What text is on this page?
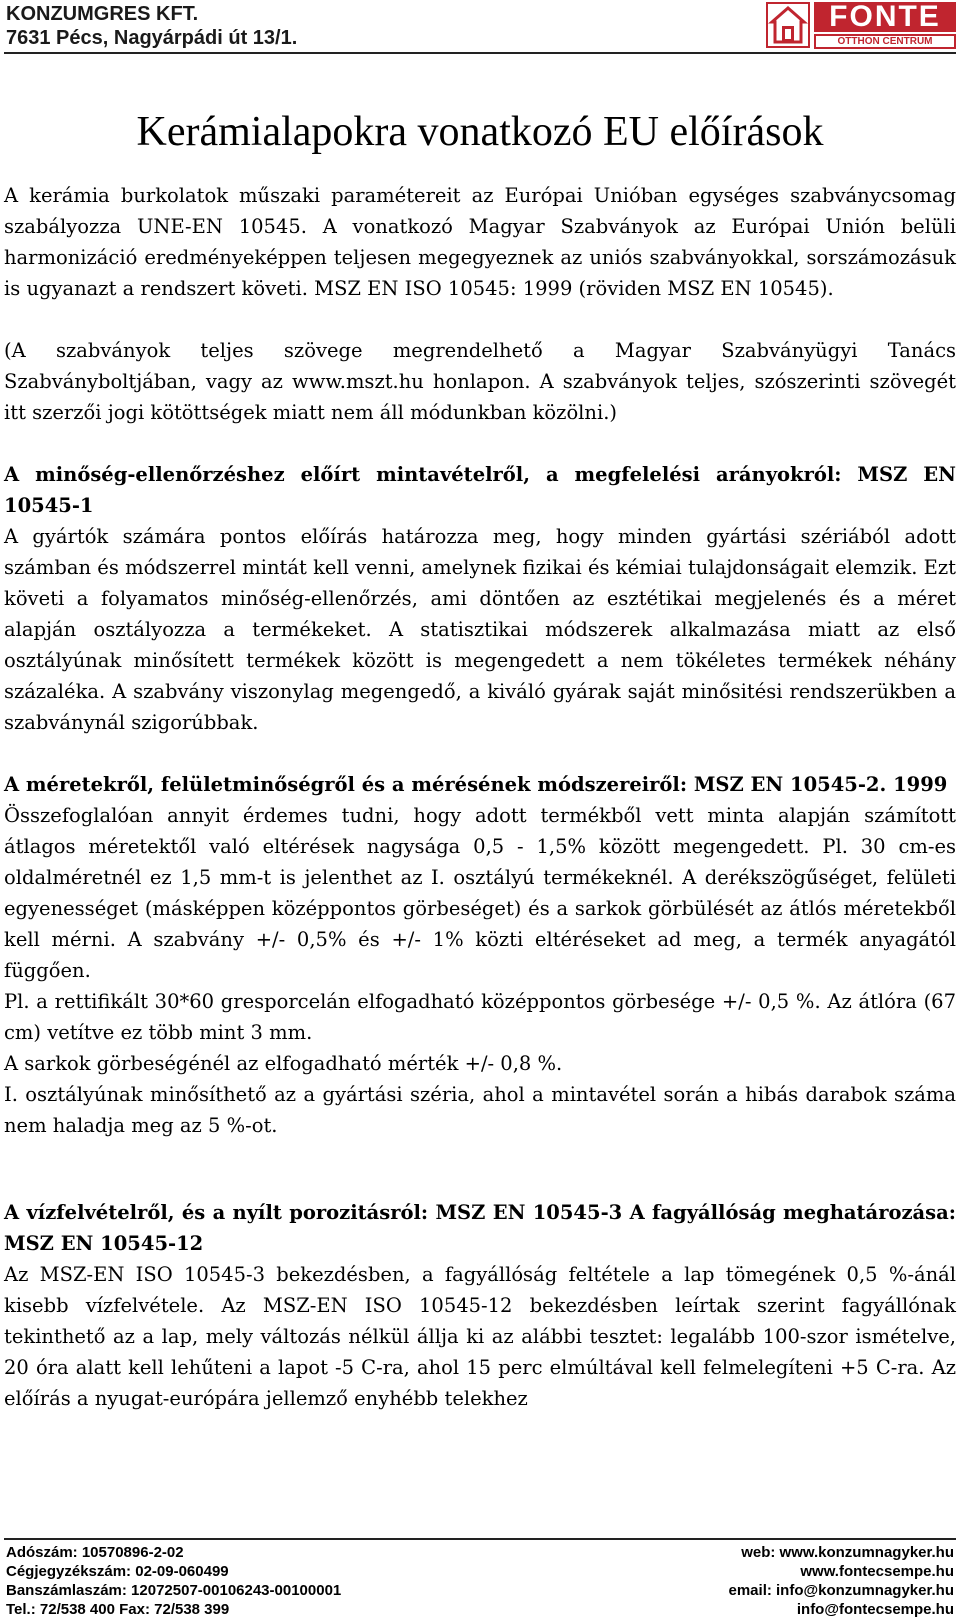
KONZUMGRES KFT.
7631 Pécs, Nagyárpádi út 13/1.
FONTE
OTTHON CENTRUM
Kerámialapokra vonatkozó EU előírások

A kerámia burkolatok műszaki paramétereit az Európai Unióban egységes szabványcsomag szabályozza UNE-EN 10545. A vonatkozó Magyar Szabványok az Európai Unión belüli harmonizáció eredményeképpen teljesen megegyeznek az uniós szabványokkal, sorszámozásuk is ugyanazt a rendszert követi. MSZ EN ISO 10545: 1999 (röviden MSZ EN 10545).

(A szabványok teljes szövege megrendelhető a Magyar Szabványügyi Tanács Szabványboltjában, vagy az www.mszt.hu honlapon. A szabványok teljes, szószerinti szövegét itt szerzői jogi kötöttségek miatt nem áll módunkban közölni.)

A minőség-ellenőrzéshez előírt mintavételről, a megfelelési arányokról: MSZ EN 10545-1
A gyártók számára pontos előírás határozza meg, hogy minden gyártási szériából adott számban és módszerrel mintát kell venni, amelynek fizikai és kémiai tulajdonságait elemzik. Ezt követi a folyamatos minőség-ellenőrzés, ami döntően az esztétikai megjelenés és a méret alapján osztályozza a termékeket. A statisztikai módszerek alkalmazása miatt az első osztályúnak minősített termékek között is megengedett a nem tökéletes termékek néhány százaléka. A szabvány viszonylag megengedő, a kiváló gyárak saját minősitési rendszerükben a szabványnál szigorúbbak.

A méretekről, felületminőségről és a mérésének módszereiről: MSZ EN 10545-2. 1999
Összefoglalóan annyit érdemes tudni, hogy adott termékből vett minta alapján számított átlagos méretektől való eltérések nagysága 0,5 - 1,5% között megengedett. Pl. 30 cm-es oldalméretnél ez 1,5 mm-t is jelenthet az I. osztályú termékeknél. A derékszögűséget, felületi egyenességet (másképpen középpontos görbeséget) és a sarkok görbülését az átlós méretekből kell mérni. A szabvány +/- 0,5% és +/- 1% közti eltéréseket ad meg, a termék anyagától függően.

Pl. a rettifikált 30*60 gresporcelán elfogadható középpontos görbesége +/- 0,5 %. Az átlóra (67 cm) vetítve ez több mint 3 mm.

A sarkok görbeségénél az elfogadható mérték +/- 0,8 %.

I. osztályúnak minősíthető az a gyártási széria, ahol a mintavétel során a hibás darabok száma nem haladja meg az 5 %-ot.

A vízfelvételről, és a nyílt porozitásról: MSZ EN 10545-3 A fagyállóság meghatározása: MSZ EN 10545-12
Az MSZ-EN ISO 10545-3 bekezdésben, a fagyállóság feltétele a lap tömegének 0,5 %-ánál kisebb vízfelvétele. Az MSZ-EN ISO 10545-12 bekezdésben leírtak szerint fagyállónak tekinthető az a lap, mely változás nélkül állja ki az alábbi tesztet: legalább 100-szor ismételve, 20 óra alatt kell lehűteni a lapot -5 C-ra, ahol 15 perc elmúltával kell felmelegíteni +5 C-ra. Az előírás a nyugat-európára jellemző enyhébb telekhez

Adószám: 10570896-2-02
Cégjegyzékszám: 02-09-060499
Banszámlaszám: 12072507-00106243-00100001
Tel.: 72/538 400 Fax: 72/538 399
web: www.konzumnagyker.hu
www.fontecsempe.hu
email: info@konzumnagyker.hu
info@fontecsempe.hu
